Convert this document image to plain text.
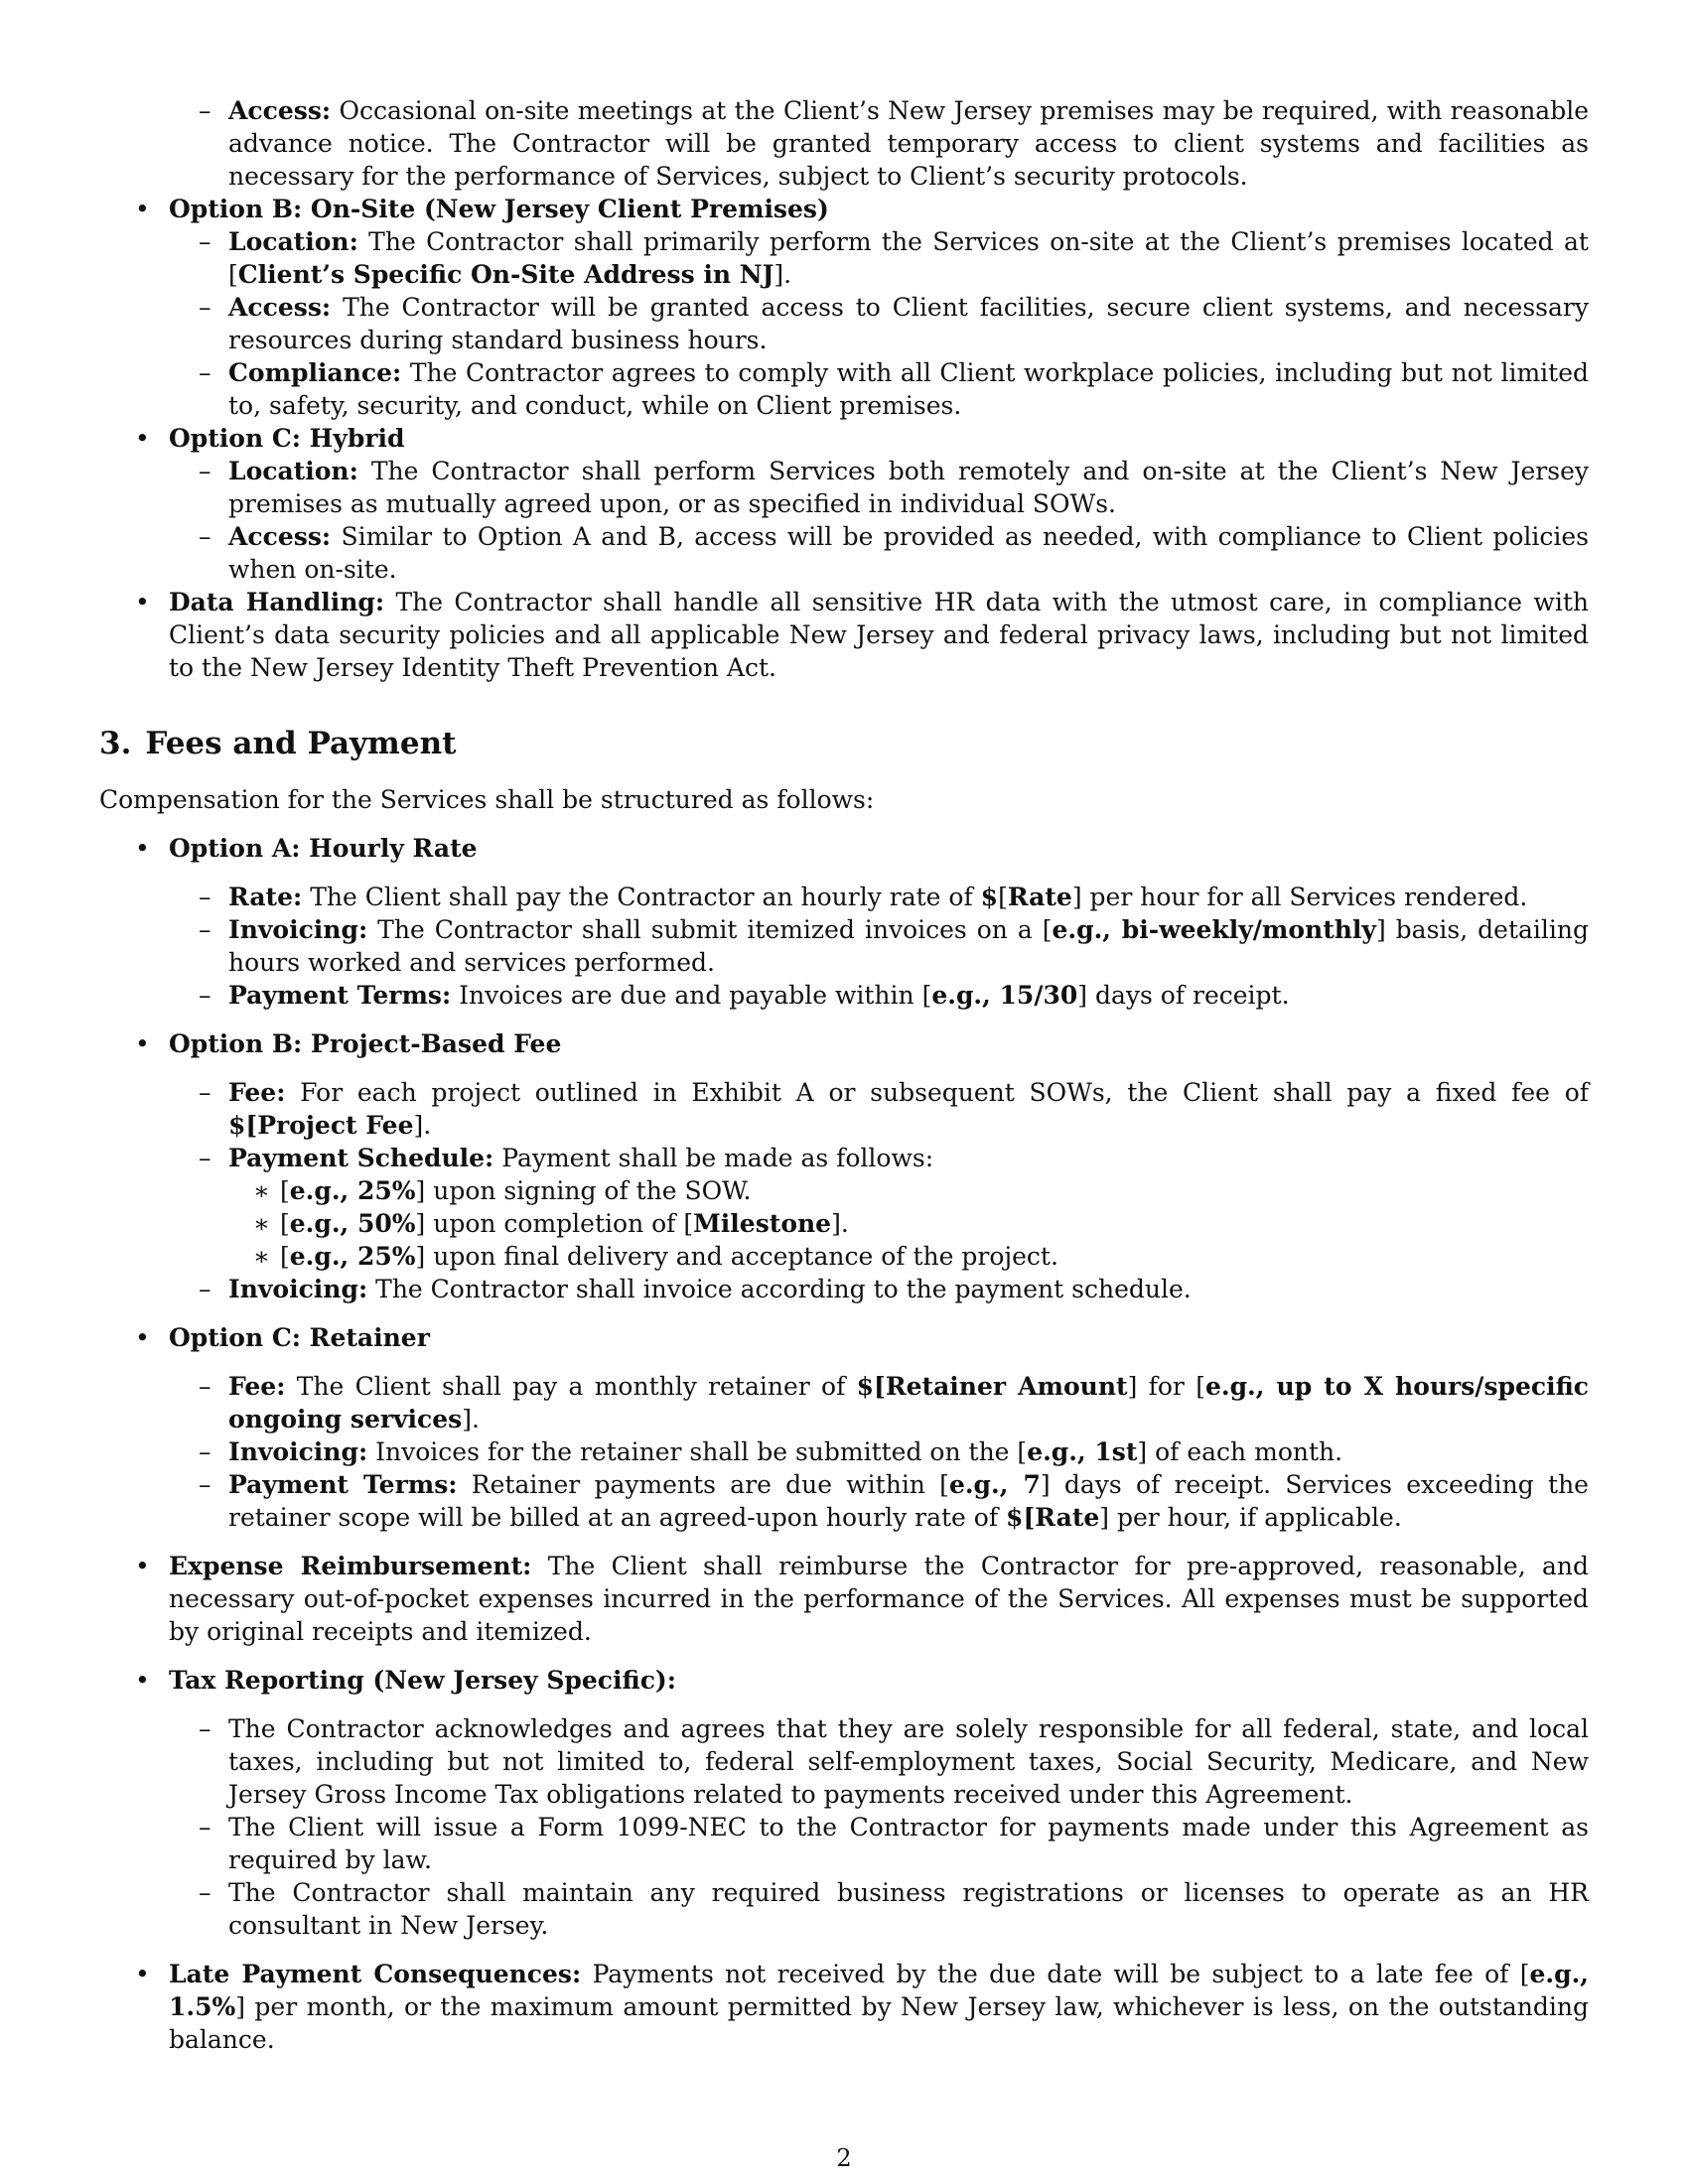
– Access: Occasional on-site meetings at the Client’s New Jersey premises may be required, with reasonable advance notice. The Contractor will be granted temporary access to client systems and facilities as necessary for the performance of Services, subject to Client’s security protocols.
• Option B: On-Site (New Jersey Client Premises)
– Location: The Contractor shall primarily perform the Services on-site at the Client’s premises located at [Client’s Specific On-Site Address in NJ].
– Access: The Contractor will be granted access to Client facilities, secure client systems, and necessary resources during standard business hours.
– Compliance: The Contractor agrees to comply with all Client workplace policies, including but not limited to, safety, security, and conduct, while on Client premises.
• Option C: Hybrid
– Location: The Contractor shall perform Services both remotely and on-site at the Client’s New Jersey premises as mutually agreed upon, or as specified in individual SOWs.
– Access: Similar to Option A and B, access will be provided as needed, with compliance to Client policies when on-site.
• Data Handling: The Contractor shall handle all sensitive HR data with the utmost care, in compliance with Client’s data security policies and all applicable New Jersey and federal privacy laws, including but not limited to the New Jersey Identity Theft Prevention Act.
3. Fees and Payment
Compensation for the Services shall be structured as follows:
• Option A: Hourly Rate
– Rate: The Client shall pay the Contractor an hourly rate of $[Rate] per hour for all Services rendered.
– Invoicing: The Contractor shall submit itemized invoices on a [e.g., bi-weekly/monthly] basis, detailing hours worked and services performed.
– Payment Terms: Invoices are due and payable within [e.g., 15/30] days of receipt.
• Option B: Project-Based Fee
– Fee: For each project outlined in Exhibit A or subsequent SOWs, the Client shall pay a fixed fee of $[Project Fee].
– Payment Schedule: Payment shall be made as follows:
∗ [e.g., 25%] upon signing of the SOW.
∗ [e.g., 50%] upon completion of [Milestone].
∗ [e.g., 25%] upon final delivery and acceptance of the project.
– Invoicing: The Contractor shall invoice according to the payment schedule.
• Option C: Retainer
– Fee: The Client shall pay a monthly retainer of $[Retainer Amount] for [e.g., up to X hours/specific ongoing services].
– Invoicing: Invoices for the retainer shall be submitted on the [e.g., 1st] of each month.
– Payment Terms: Retainer payments are due within [e.g., 7] days of receipt. Services exceeding the retainer scope will be billed at an agreed-upon hourly rate of $[Rate] per hour, if applicable.
• Expense Reimbursement: The Client shall reimburse the Contractor for pre-approved, reasonable, and necessary out-of-pocket expenses incurred in the performance of the Services. All expenses must be supported by original receipts and itemized.
• Tax Reporting (New Jersey Specific):
– The Contractor acknowledges and agrees that they are solely responsible for all federal, state, and local taxes, including but not limited to, federal self-employment taxes, Social Security, Medicare, and New Jersey Gross Income Tax obligations related to payments received under this Agreement.
– The Client will issue a Form 1099-NEC to the Contractor for payments made under this Agreement as required by law.
– The Contractor shall maintain any required business registrations or licenses to operate as an HR consultant in New Jersey.
• Late Payment Consequences: Payments not received by the due date will be subject to a late fee of [e.g., 1.5%] per month, or the maximum amount permitted by New Jersey law, whichever is less, on the outstanding balance.
2
